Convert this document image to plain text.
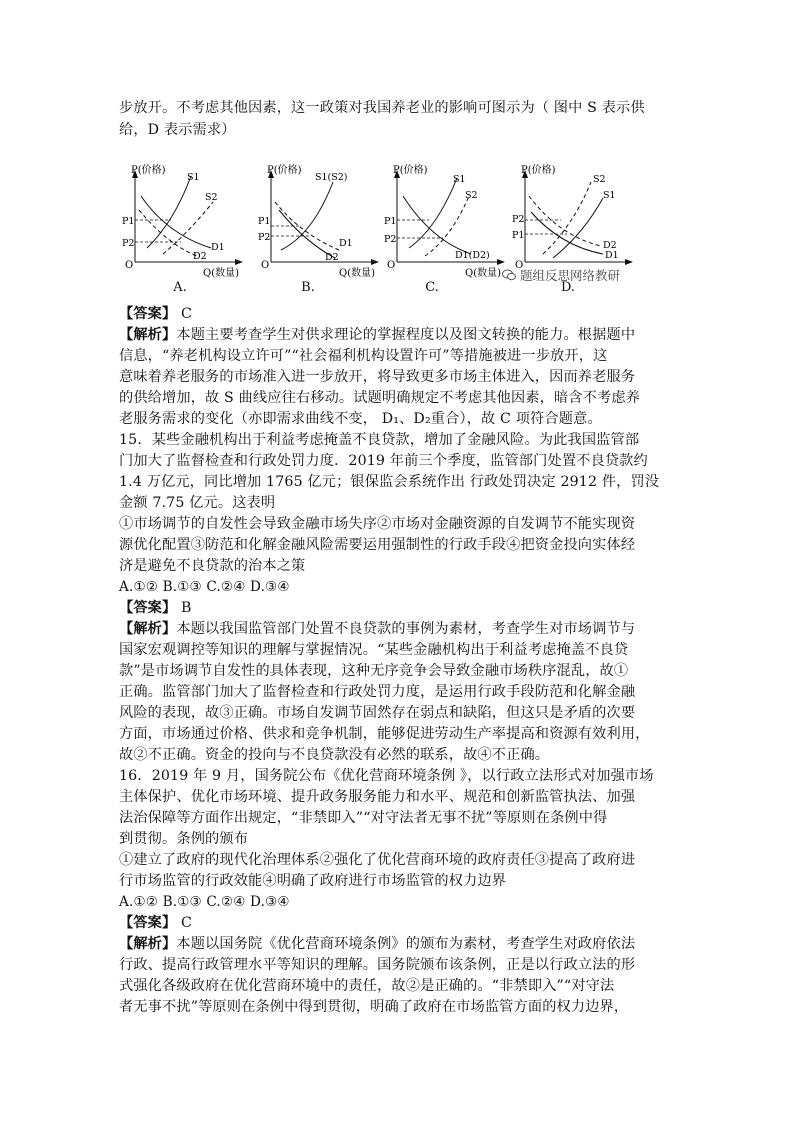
步放开。不考虑其他因素，这一政策对我国养老业的影响可图示为（ 图中 S 表示供
给，D 表示需求）
P(价格)
O
Q(数量)
P1
P2
S1
S2
D1
D2
A.
P(价格)
O
Q(数量)
P1
P2
S1(S2)
D1
D2
B.
P(价格)
O
Q(数量)
P1
P2
S1
S2
D1(D2)
C.
P(价格)
O
P2
P1
S2
S1
D2
D1
D.
题组反思网络教研
【答案】 C
【解析】本题主要考查学生对供求理论的掌握程度以及图文转换的能力。根据题中
信息，“养老机构设立许可”“社会福利机构设置许可”等措施被进一步放开，这
意味着养老服务的市场准入进一步放开，将导致更多市场主体进入，因而养老服务
的供给增加，故 S 曲线应往右移动。试题明确规定不考虑其他因素，暗含不考虑养
老服务需求的变化（亦即需求曲线不变， D₁、D₂重合），故 C 项符合题意。
15．某些金融机构出于利益考虑掩盖不良贷款，增加了金融风险。为此我国监管部
门加大了监督检查和行政处罚力度．2019 年前三个季度，监管部门处置不良贷款约
1.4 万亿元，同比增加 1765 亿元；银保监会系统作出 行政处罚决定 2912 件，罚没
金额 7.75 亿元。这表明
①市场调节的自发性会导致金融市场失序②市场对金融资源的自发调节不能实现资
源优化配置③防范和化解金融风险需要运用强制性的行政手段④把资金投向实体经
济是避免不良贷款的治本之策
A.①② B.①③ C.②④ D.③④
【答案】 B
【解析】本题以我国监管部门处置不良贷款的事例为素材，考查学生对市场调节与
国家宏观调控等知识的理解与掌握情况。“某些金融机构出于利益考虑掩盖不良贷
款”是市场调节自发性的具体表现，这种无序竞争会导致金融市场秩序混乱，故①
正确。监管部门加大了监督检查和行政处罚力度，是运用行政手段防范和化解金融
风险的表现，故③正确。市场自发调节固然存在弱点和缺陷，但这只是矛盾的次要
方面，市场通过价格、供求和竞争机制，能够促进劳动生产率提高和资源有效利用，
故②不正确。资金的投向与不良贷款没有必然的联系，故④不正确。
16．2019 年 9 月，国务院公布《优化营商环境条例 》，以行政立法形式对加强市场
主体保护、优化市场环境、提升政务服务能力和水平、规范和创新监管执法、加强
法治保障等方面作出规定，“非禁即入”“对守法者无事不扰”等原则在条例中得
到贯彻。条例的颁布
①建立了政府的现代化治理体系②强化了优化营商环境的政府责任③提高了政府进
行市场监管的行政效能④明确了政府进行市场监管的权力边界
A.①② B.①③ C.②④ D.③④
【答案】 C
【解析】本题以国务院《优化营商环境条例》的颁布为素材，考查学生对政府依法
行政、提高行政管理水平等知识的理解。国务院颁布该条例，正是以行政立法的形
式强化各级政府在优化营商环境中的责任，故②是正确的。“非禁即入”“对守法
者无事不扰”等原则在条例中得到贯彻，明确了政府在市场监管方面的权力边界，
